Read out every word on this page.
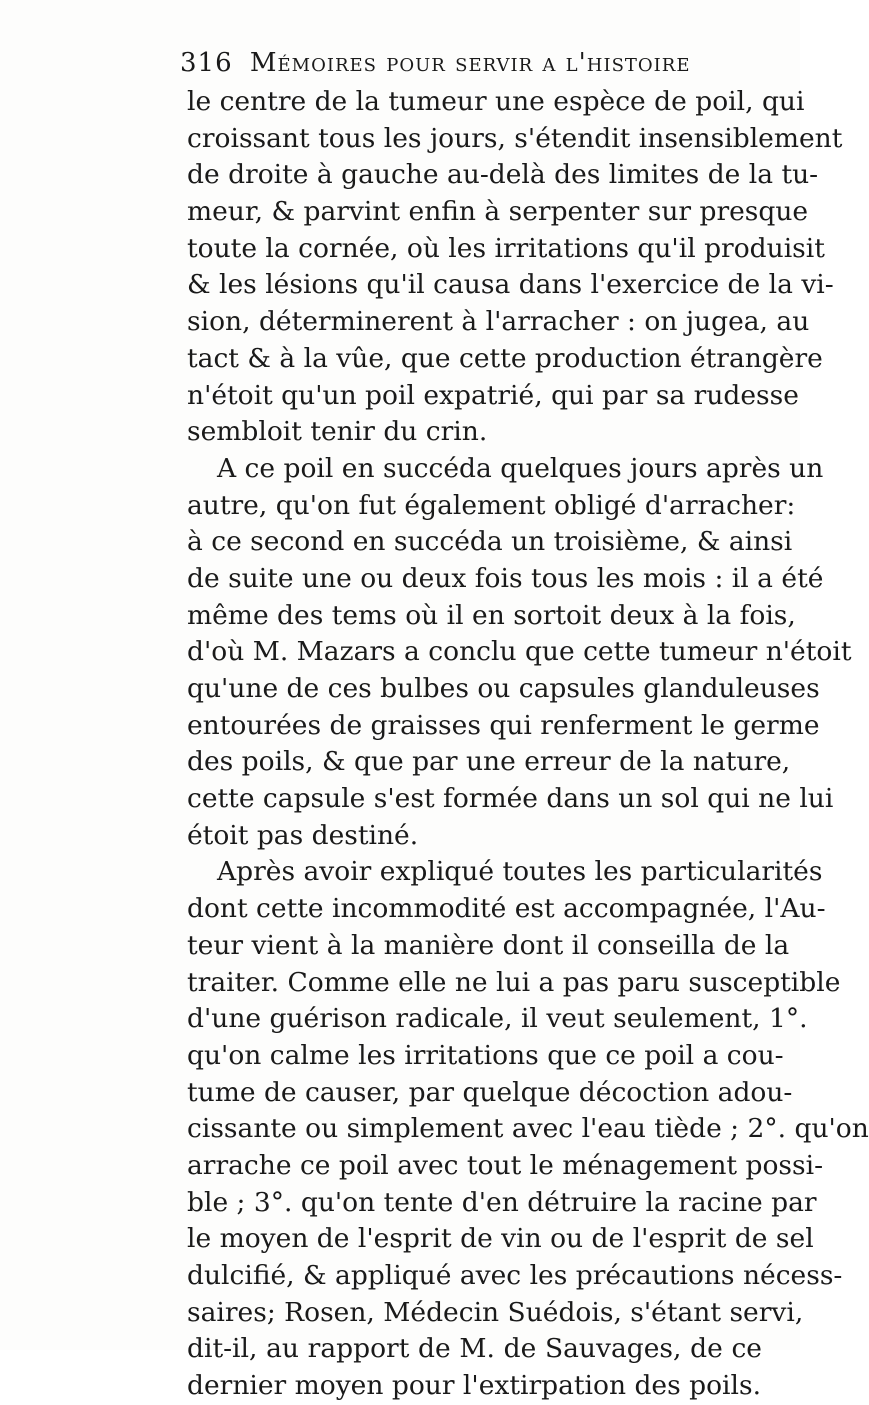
316 Mémoires pour servir a l'histoire
le centre de la tumeur une espèce de poil, qui
croissant tous les jours, s'étendit insensiblement
de droite à gauche au-delà des limites de la tu-
meur, & parvint enfin à serpenter sur presque
toute la cornée, où les irritations qu'il produisit
& les lésions qu'il causa dans l'exercice de la vi-
sion, déterminerent à l'arracher : on jugea, au
tact & à la vûe, que cette production étrangère
n'étoit qu'un poil expatrié, qui par sa rudesse
sembloit tenir du crin.
A ce poil en succéda quelques jours après un
autre, qu'on fut également obligé d'arracher:
à ce second en succéda un troisième, & ainsi
de suite une ou deux fois tous les mois : il a été
même des tems où il en sortoit deux à la fois,
d'où M. Mazars a conclu que cette tumeur n'étoit
qu'une de ces bulbes ou capsules glanduleuses
entourées de graisses qui renferment le germe
des poils, & que par une erreur de la nature,
cette capsule s'est formée dans un sol qui ne lui
étoit pas destiné.
Après avoir expliqué toutes les particularités
dont cette incommodité est accompagnée, l'Au-
teur vient à la manière dont il conseilla de la
traiter. Comme elle ne lui a pas paru susceptible
d'une guérison radicale, il veut seulement, 1°.
qu'on calme les irritations que ce poil a cou-
tume de causer, par quelque décoction adou-
cissante ou simplement avec l'eau tiède ; 2°. qu'on
arrache ce poil avec tout le ménagement possi-
ble ; 3°. qu'on tente d'en détruire la racine par
le moyen de l'esprit de vin ou de l'esprit de sel
dulcifié, & appliqué avec les précautions nécess-
saires; Rosen, Médecin Suédois, s'étant servi,
dit-il, au rapport de M. de Sauvages, de ce
dernier moyen pour l'extirpation des poils.
